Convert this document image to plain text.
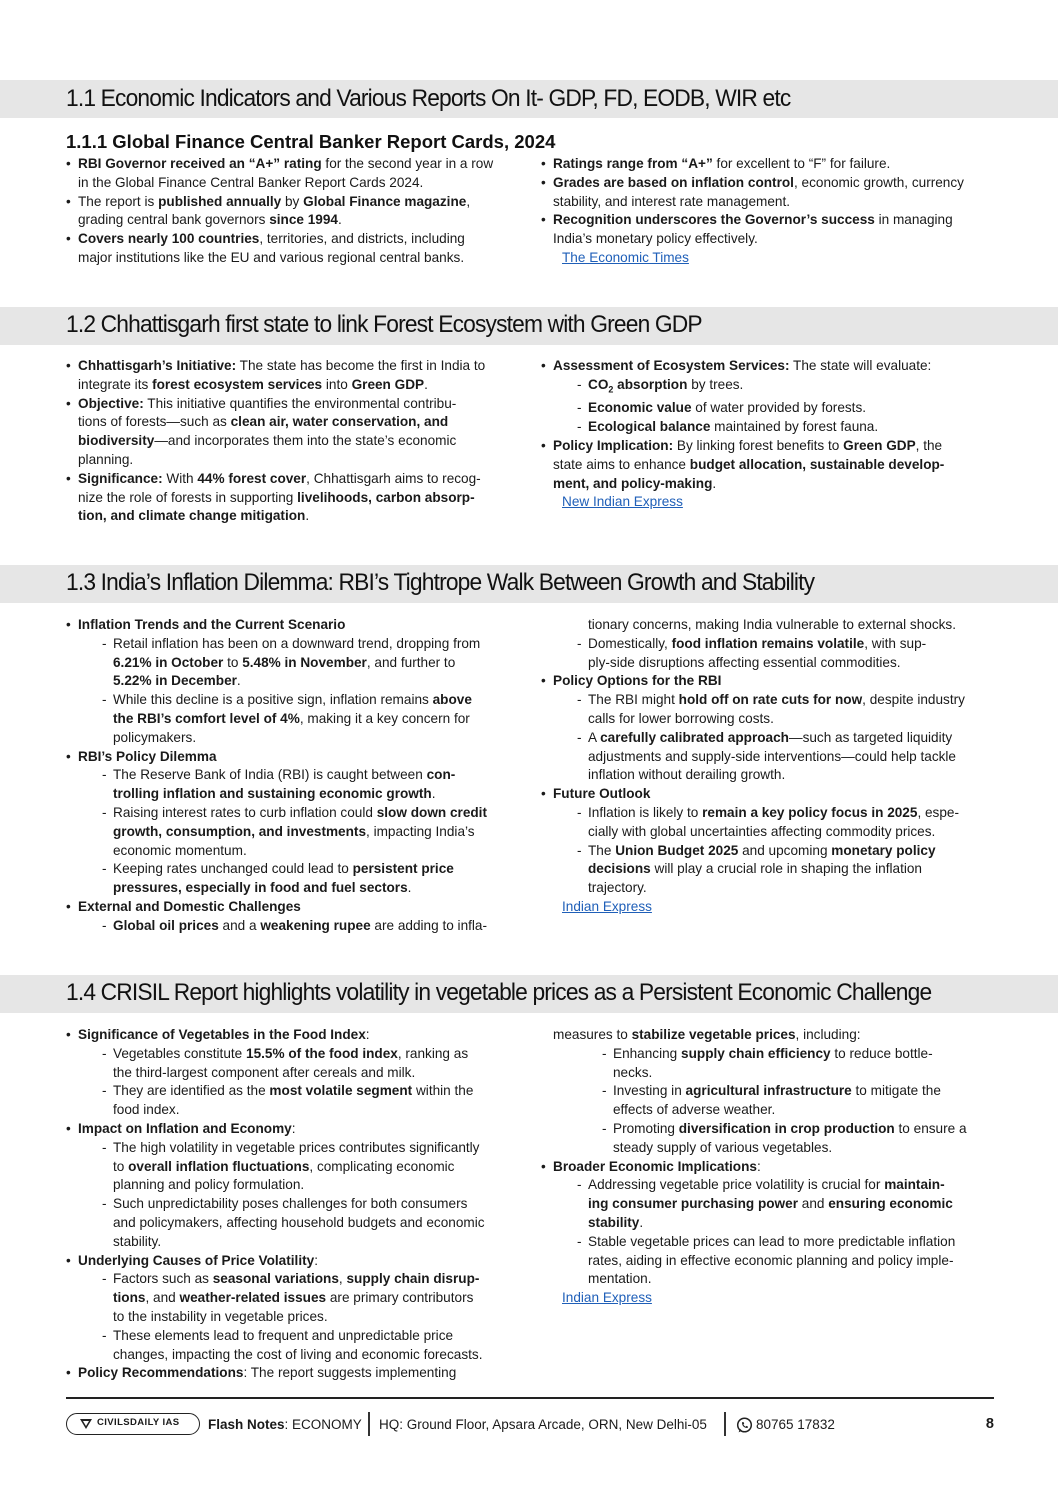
1.1 Economic Indicators and Various Reports On It- GDP, FD, EODB, WIR etc
1.1.1 Global Finance Central Banker Report Cards, 2024
• RBI Governor received an “A+” rating for the second year in a row
in the Global Finance Central Banker Report Cards 2024.
• The report is published annually by Global Finance magazine,
grading central bank governors since 1994.
• Covers nearly 100 countries, territories, and districts, including
major institutions like the EU and various regional central banks.
• Ratings range from “A+” for excellent to “F” for failure.
• Grades are based on inflation control, economic growth, currency
stability, and interest rate management.
• Recognition underscores the Governor’s success in managing
India’s monetary policy effectively.
The Economic Times
1.2 Chhattisgarh first state to link Forest Ecosystem with Green GDP
• Chhattisgarh’s Initiative: The state has become the first in India to
integrate its forest ecosystem services into Green GDP.
• Objective: This initiative quantifies the environmental contribu-
tions of forests—such as clean air, water conservation, and
biodiversity—and incorporates them into the state’s economic
planning.
• Significance: With 44% forest cover, Chhattisgarh aims to recog-
nize the role of forests in supporting livelihoods, carbon absorp-
tion, and climate change mitigation.
• Assessment of Ecosystem Services: The state will evaluate:
- $CO_2$ absorption by trees.
- Economic value of water provided by forests.
- Ecological balance maintained by forest fauna.
• Policy Implication: By linking forest benefits to Green GDP, the
state aims to enhance budget allocation, sustainable develop-
ment, and policy-making.
New Indian Express
1.3 India’s Inflation Dilemma: RBI’s Tightrope Walk Between Growth and Stability
• Inflation Trends and the Current Scenario
- Retail inflation has been on a downward trend, dropping from
6.21% in October to 5.48% in November, and further to
5.22% in December.
- While this decline is a positive sign, inflation remains above
the RBI’s comfort level of 4%, making it a key concern for
policymakers.
• RBI’s Policy Dilemma
- The Reserve Bank of India (RBI) is caught between con-
trolling inflation and sustaining economic growth.
- Raising interest rates to curb inflation could slow down credit
growth, consumption, and investments, impacting India’s
economic momentum.
- Keeping rates unchanged could lead to persistent price
pressures, especially in food and fuel sectors.
• External and Domestic Challenges
- Global oil prices and a weakening rupee are adding to infla-
tionary concerns, making India vulnerable to external shocks.
- Domestically, food inflation remains volatile, with sup-
ply-side disruptions affecting essential commodities.
• Policy Options for the RBI
- The RBI might hold off on rate cuts for now, despite industry
calls for lower borrowing costs.
- A carefully calibrated approach—such as targeted liquidity
adjustments and supply-side interventions—could help tackle
inflation without derailing growth.
• Future Outlook
- Inflation is likely to remain a key policy focus in 2025, espe-
cially with global uncertainties affecting commodity prices.
- The Union Budget 2025 and upcoming monetary policy
decisions will play a crucial role in shaping the inflation
trajectory.
Indian Express
1.4 CRISIL Report highlights volatility in vegetable prices as a Persistent Economic Challenge
• Significance of Vegetables in the Food Index:
- Vegetables constitute 15.5% of the food index, ranking as
the third-largest component after cereals and milk.
- They are identified as the most volatile segment within the
food index.
• Impact on Inflation and Economy:
- The high volatility in vegetable prices contributes significantly
to overall inflation fluctuations, complicating economic
planning and policy formulation.
- Such unpredictability poses challenges for both consumers
and policymakers, affecting household budgets and economic
stability.
• Underlying Causes of Price Volatility:
- Factors such as seasonal variations, supply chain disrup-
tions, and weather-related issues are primary contributors
to the instability in vegetable prices.
- These elements lead to frequent and unpredictable price
changes, impacting the cost of living and economic forecasts.
• Policy Recommendations: The report suggests implementing
measures to stabilize vegetable prices, including:
- Enhancing supply chain efficiency to reduce bottle-
necks.
- Investing in agricultural infrastructure to mitigate the
effects of adverse weather.
- Promoting diversification in crop production to ensure a
steady supply of various vegetables.
• Broader Economic Implications:
- Addressing vegetable price volatility is crucial for maintain-
ing consumer purchasing power and ensuring economic
stability.
- Stable vegetable prices can lead to more predictable inflation
rates, aiding in effective economic planning and policy imple-
mentation.
Indian Express
CIVILSDAILY IAS Flash Notes: ECONOMY HQ: Ground Floor, Apsara Arcade, ORN, New Delhi-05	80765 17832	8
